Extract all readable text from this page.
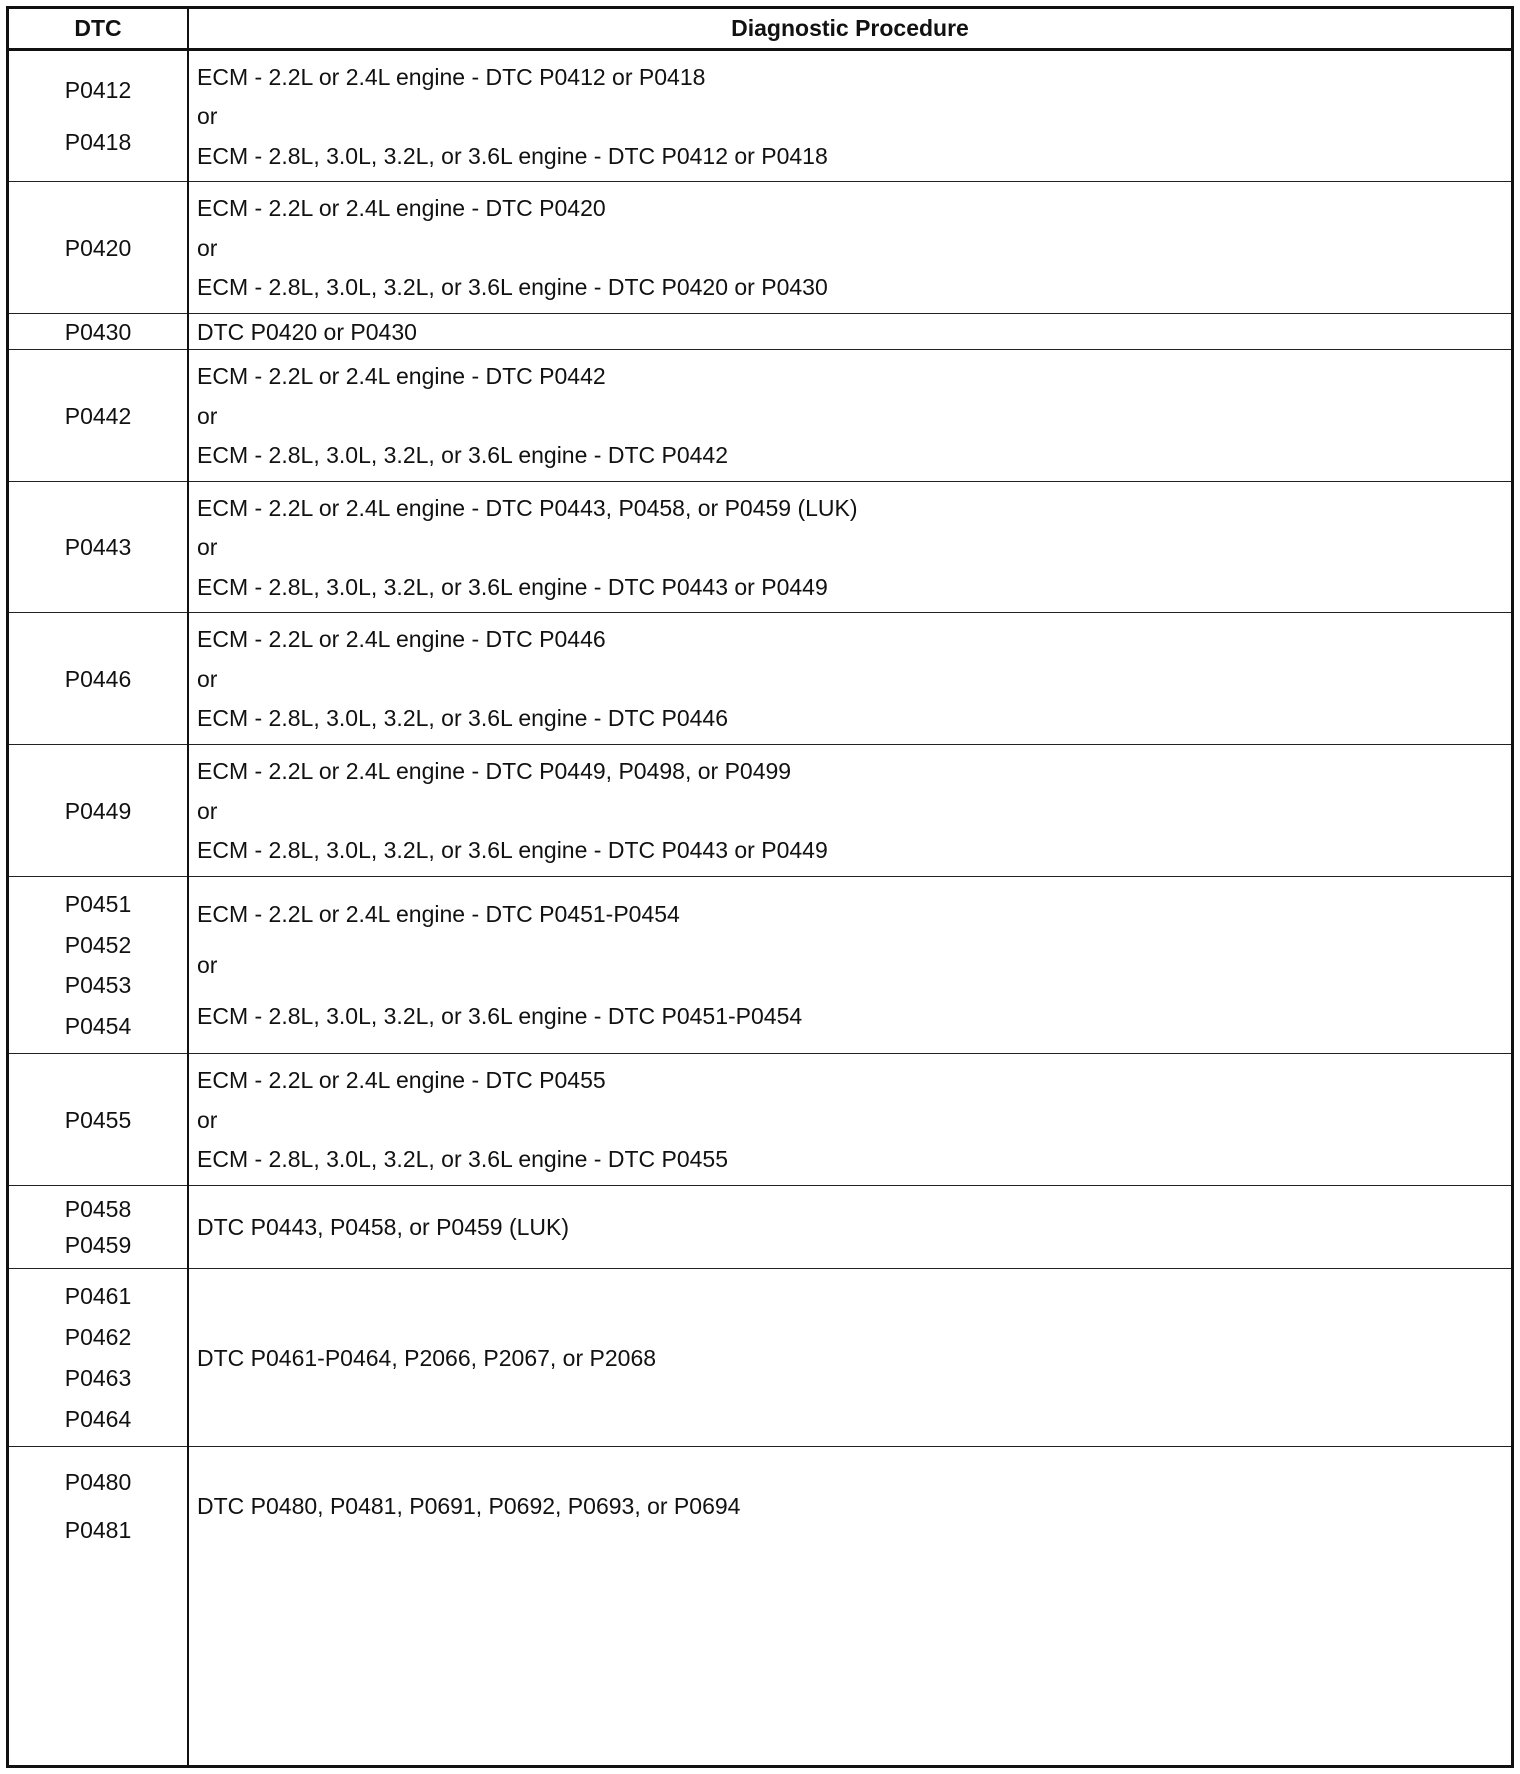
DTC	Diagnostic Procedure
P0412
P0418
ECM - 2.2L or 2.4L engine - DTC P0412 or P0418
or
ECM - 2.8L, 3.0L, 3.2L, or 3.6L engine - DTC P0412 or P0418
P0420
ECM - 2.2L or 2.4L engine - DTC P0420
or
ECM - 2.8L, 3.0L, 3.2L, or 3.6L engine - DTC P0420 or P0430
P0430	DTC P0420 or P0430
P0442
ECM - 2.2L or 2.4L engine - DTC P0442
or
ECM - 2.8L, 3.0L, 3.2L, or 3.6L engine - DTC P0442
P0443
ECM - 2.2L or 2.4L engine - DTC P0443, P0458, or P0459 (LUK)
or
ECM - 2.8L, 3.0L, 3.2L, or 3.6L engine - DTC P0443 or P0449
P0446
ECM - 2.2L or 2.4L engine - DTC P0446
or
ECM - 2.8L, 3.0L, 3.2L, or 3.6L engine - DTC P0446
P0449
ECM - 2.2L or 2.4L engine - DTC P0449, P0498, or P0499
or
ECM - 2.8L, 3.0L, 3.2L, or 3.6L engine - DTC P0443 or P0449
P0451
P0452
P0453
P0454
ECM - 2.2L or 2.4L engine - DTC P0451-P0454
or
ECM - 2.8L, 3.0L, 3.2L, or 3.6L engine - DTC P0451-P0454
P0455
ECM - 2.2L or 2.4L engine - DTC P0455
or
ECM - 2.8L, 3.0L, 3.2L, or 3.6L engine - DTC P0455
P0458
P0459
DTC P0443, P0458, or P0459 (LUK)
P0461
P0462
P0463
P0464
DTC P0461-P0464, P2066, P2067, or P2068
P0480
P0481
DTC P0480, P0481, P0691, P0692, P0693, or P0694
